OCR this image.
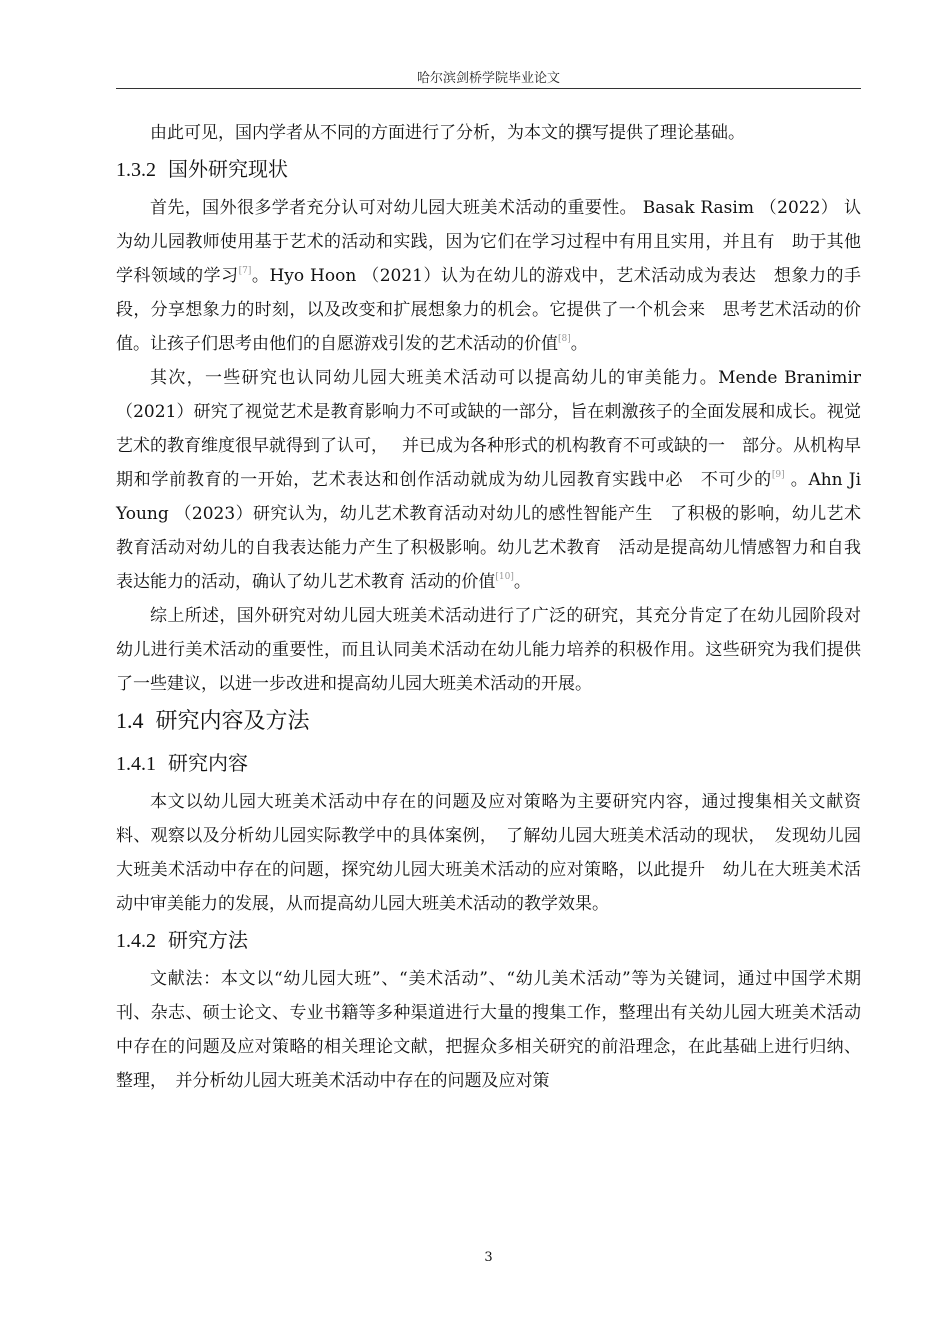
哈尔滨剑桥学院毕业论文

由此可见，国内学者从不同的方面进行了分析，为本文的撰写提供了理论基础。

1.3.2 国外研究现状

首先，国外很多学者充分认可对幼儿园大班美术活动的重要性。 Basak Rasim （2022） 认为幼儿园教师使用基于艺术的活动和实践，因为它们在学习过程中有用且实用，并且有　助于其他学科领域的学习[7]。Hyo Hoon （2021）认为在幼儿的游戏中，艺术活动成为表达　想象力的手段，分享想象力的时刻，以及改变和扩展想象力的机会。它提供了一个机会来　思考艺术活动的价值。让孩子们思考由他们的自愿游戏引发的艺术活动的价值[8]。

其次，一些研究也认同幼儿园大班美术活动可以提高幼儿的审美能力。Mende Branimir（2021）研究了视觉艺术是教育影响力不可或缺的一部分，旨在刺激孩子的全面发展和成长。视觉艺术的教育维度很早就得到了认可，　 并已成为各种形式的机构教育不可或缺的一　部分。从机构早期和学前教育的一开始，艺术表达和创作活动就成为幼儿园教育实践中必　不可少的[9] 。Ahn Ji Young （2023）研究认为，幼儿艺术教育活动对幼儿的感性智能产生　了积极的影响，幼儿艺术教育活动对幼儿的自我表达能力产生了积极影响。幼儿艺术教育　活动是提高幼儿情感智力和自我表达能力的活动，确认了幼儿艺术教育 活动的价值[10]。

综上所述，国外研究对幼儿园大班美术活动进行了广泛的研究，其充分肯定了在幼儿园阶段对幼儿进行美术活动的重要性，而且认同美术活动在幼儿能力培养的积极作用。这些研究为我们提供了一些建议，以进一步改进和提高幼儿园大班美术活动的开展。

1.4 研究内容及方法
1.4.1 研究内容

本文以幼儿园大班美术活动中存在的问题及应对策略为主要研究内容，通过搜集相关文献资料、观察以及分析幼儿园实际教学中的具体案例，　了解幼儿园大班美术活动的现状，　发现幼儿园大班美术活动中存在的问题，探究幼儿园大班美术活动的应对策略，以此提升　幼儿在大班美术活动中审美能力的发展，从而提高幼儿园大班美术活动的教学效果。

1.4.2 研究方法

文献法：本文以“幼儿园大班”、“美术活动”、“幼儿美术活动”等为关键词，通过中国学术期刊、杂志、硕士论文、专业书籍等多种渠道进行大量的搜集工作，整理出有关幼儿园大班美术活动中存在的问题及应对策略的相关理论文献，把握众多相关研究的前沿理念，在此基础上进行归纳、整理，　并分析幼儿园大班美术活动中存在的问题及应对策

3
